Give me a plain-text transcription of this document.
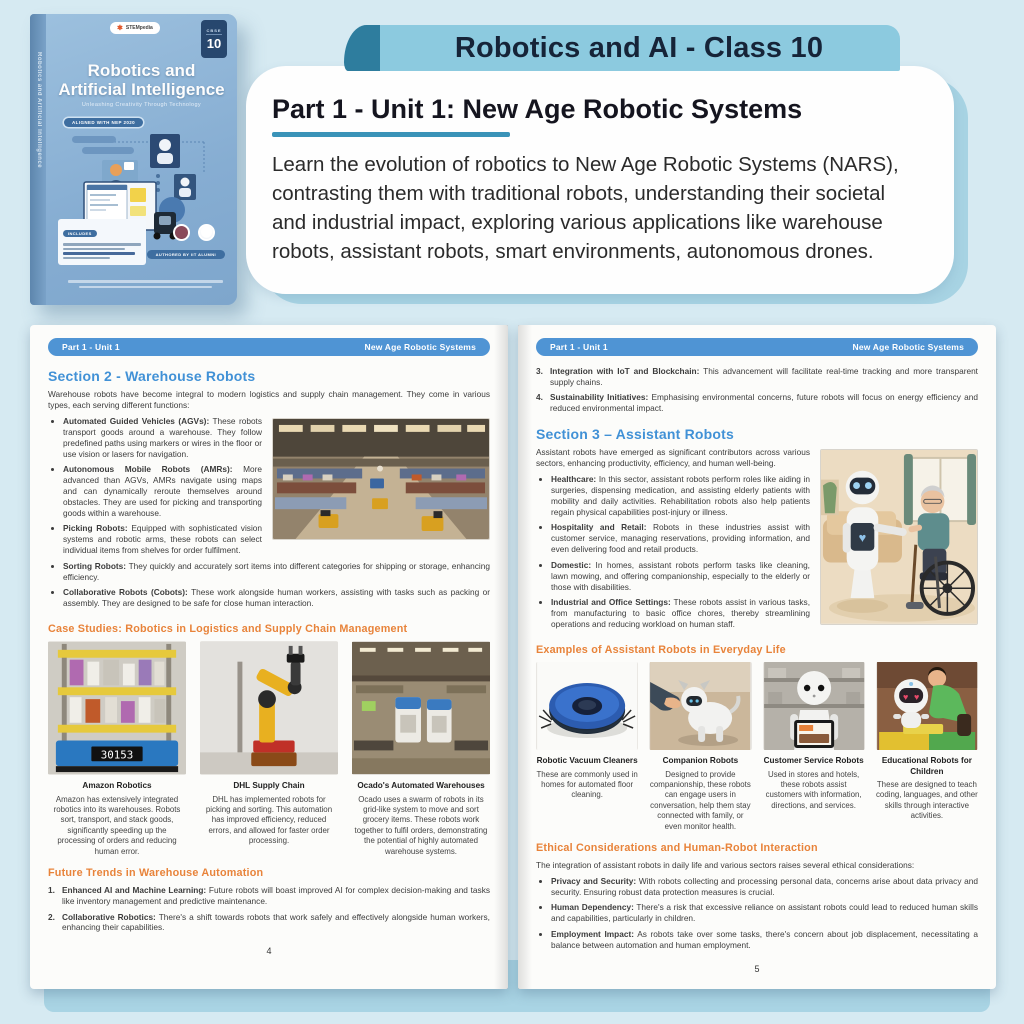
Robotics and Artificial Intelligence
✱ STEMpedia	CBSE
10
Robotics and Artificial Intelligence
Unleashing Creativity Through Technology
ALIGNED WITH NEP 2020
INCLUDES
AUTHORED BY IIT ALUMNI
Robotics and AI - Class 10
Part 1 - Unit 1: New Age Robotic Systems
Learn the evolution of robotics to New Age Robotic Systems (NARS), contrasting them with traditional robots, understanding their societal and industrial impact, exploring various applications like warehouse robots, assistant robots, smart environments, autonomous drones.
Part 1 - Unit 1	New Age Robotic Systems
Section 2 - Warehouse Robots

Warehouse robots have become integral to modern logistics and supply chain management. They come in various types, each serving different functions:

• Automated Guided Vehicles (AGVs): These robots transport goods around a warehouse. They follow predefined paths using markers or wires in the floor or use vision or lasers for navigation.
• Autonomous Mobile Robots (AMRs): More advanced than AGVs, AMRs navigate using maps and can dynamically reroute themselves around obstacles. They are used for picking and transporting goods within a warehouse.
• Picking Robots: Equipped with sophisticated vision systems and robotic arms, these robots can select individual items from shelves for order fulfilment.
• Sorting Robots: They quickly and accurately sort items into different categories for shipping or storage, enhancing efficiency.
• Collaborative Robots (Cobots): These work alongside human workers, assisting with tasks such as packing or assembly. They are designed to be safe for close human interaction.
Case Studies: Robotics in Logistics and Supply Chain Management
30153
Amazon Robotics

Amazon has extensively integrated robotics into its warehouses. Robots sort, transport, and stack goods, significantly speeding up the processing of orders and reducing human error.

DHL Supply Chain

DHL has implemented robots for picking and sorting. This automation has improved efficiency, reduced errors, and allowed for faster order processing.

Ocado's Automated Warehouses

Ocado uses a swarm of robots in its grid-like system to move and sort grocery items. These robots work together to fulfil orders, demonstrating the potential of highly automated warehouse systems.

Future Trends in Warehouse Automation
1. Enhanced AI and Machine Learning: Future robots will boast improved AI for complex decision-making and tasks like inventory management and predictive maintenance.

2. Collaborative Robotics: There's a shift towards robots that work safely and effectively alongside human workers, enhancing their capabilities.

4
Part 1 - Unit 1	New Age Robotic Systems
3. Integration with IoT and Blockchain: This advancement will facilitate real-time tracking and more transparent supply chains.

4. Sustainability Initiatives: Emphasising environmental concerns, future robots will focus on energy efficiency and reduced environmental impact.

Section 3 – Assistant Robots
♥

Assistant robots have emerged as significant contributors across various sectors, enhancing productivity, efficiency, and human well-being.

• Healthcare: In this sector, assistant robots perform roles like aiding in surgeries, dispensing medication, and assisting elderly patients with mobility and daily activities. Rehabilitation robots also help patients regain physical capabilities post-injury or illness.
• Hospitality and Retail: Robots in these industries assist with customer service, managing reservations, providing information, and even delivering food and retail products.
• Domestic: In homes, assistant robots perform tasks like cleaning, lawn mowing, and offering companionship, especially to the elderly or those with disabilities.
• Industrial and Office Settings: These robots assist in various tasks, from manufacturing to basic office chores, thereby streamlining operations and reducing workload on human staff.
Examples of Assistant Robots in Everyday Life
Robotic Vacuum Cleaners

These are commonly used in homes for automated floor cleaning.

Companion Robots

Designed to provide companionship, these robots can engage users in conversation, help them stay connected with family, or even monitor health.

Customer Service Robots

Used in stores and hotels, these robots assist customers with information, directions, and services.

♥ ♥
Educational Robots for Children

These are designed to teach coding, languages, and other skills through interactive activities.

Ethical Considerations and Human-Robot Interaction

The integration of assistant robots in daily life and various sectors raises several ethical considerations:

• Privacy and Security: With robots collecting and processing personal data, concerns arise about data privacy and security. Ensuring robust data protection measures is crucial.
• Human Dependency: There's a risk that excessive reliance on assistant robots could lead to reduced human skills and capabilities, particularly in children.
• Employment Impact: As robots take over some tasks, there's concern about job displacement, necessitating a balance between automation and human employment.
5
